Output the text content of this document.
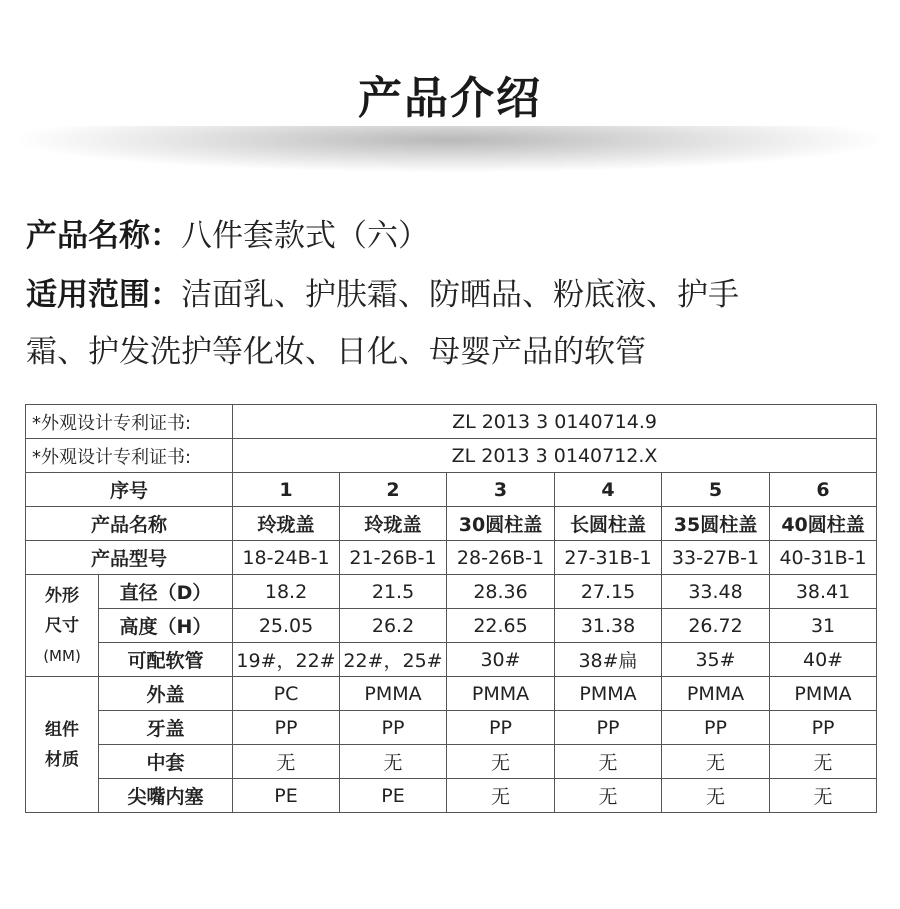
产品介绍
产品名称：八件套款式（六）
适用范围：洁面乳、护肤霜、防晒品、粉底液、护手
霜、护发洗护等化妆、日化、母婴产品的软管
*外观设计专利证书:		ZL 2013 3 0140714.9					
*外观设计专利证书:		ZL 2013 3 0140712.X					
序号		1	2	3	4	5	6
产品名称		玲珑盖	玲珑盖	30圆柱盖	长圆柱盖	35圆柱盖	40圆柱盖
产品型号		18-24B-1	21-26B-1	28-26B-1	27-31B-1	33-27B-1	40-31B-1
外形
尺寸
(MM)	直径（D）	18.2	21.5	28.36	27.15	33.48	38.41
	高度（H）	25.05	26.2	22.65	31.38	26.72	31
	可配软管	19#，22#	22#，25#	30#	38#扁	35#	40#
组件
材质	外盖	PC	PMMA	PMMA	PMMA	PMMA	PMMA
	牙盖	PP	PP	PP	PP	PP	PP
	中套	无	无	无	无	无	无
	尖嘴内塞	PE	PE	无	无	无	无
